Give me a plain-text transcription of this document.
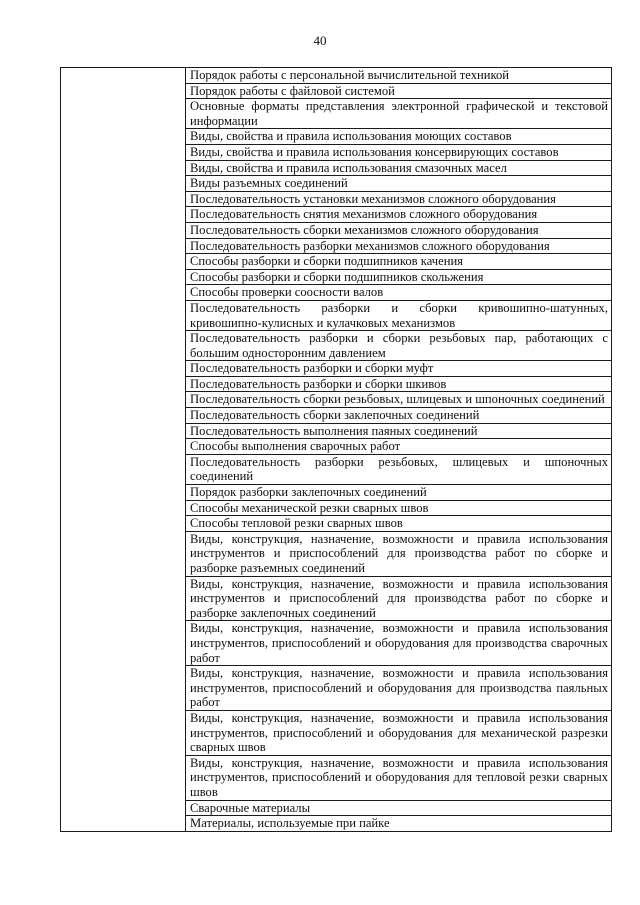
40
	Порядок работы с персональной вычислительной техникой
Порядок работы с файловой системой
Основные форматы представления электронной графической и текстовой информации
Виды, свойства и правила использования моющих составов
Виды, свойства и правила использования консервирующих составов
Виды, свойства и правила использования смазочных масел
Виды разъемных соединений
Последовательность установки механизмов сложного оборудования
Последовательность снятия механизмов сложного оборудования
Последовательность сборки механизмов сложного оборудования
Последовательность разборки механизмов сложного оборудования
Способы разборки и сборки подшипников качения
Способы разборки и сборки подшипников скольжения
Способы проверки соосности валов
Последовательность разборки и сборки кривошипно-шатунных, кривошипно-кулисных и кулачковых механизмов
Последовательность разборки и сборки резьбовых пар, работающих с большим односторонним давлением
Последовательность разборки и сборки муфт
Последовательность разборки и сборки шкивов
Последовательность сборки резьбовых, шлицевых и шпоночных соединений
Последовательность сборки заклепочных соединений
Последовательность выполнения паяных соединений
Способы выполнения сварочных работ
Последовательность разборки резьбовых, шлицевых и шпоночных соединений
Порядок разборки заклепочных соединений
Способы механической резки сварных швов
Способы тепловой резки сварных швов
Виды, конструкция, назначение, возможности и правила использования инструментов и приспособлений для производства работ по сборке и разборке разъемных соединений
Виды, конструкция, назначение, возможности и правила использования инструментов и приспособлений для производства работ по сборке и разборке заклепочных соединений
Виды, конструкция, назначение, возможности и правила использования инструментов, приспособлений и оборудования для производства сварочных работ
Виды, конструкция, назначение, возможности и правила использования инструментов, приспособлений и оборудования для производства паяльных работ
Виды, конструкция, назначение, возможности и правила использования инструментов, приспособлений и оборудования для механической разрезки сварных швов
Виды, конструкция, назначение, возможности и правила использования инструментов, приспособлений и оборудования для тепловой резки сварных швов
Сварочные материалы
Материалы, используемые при пайке
